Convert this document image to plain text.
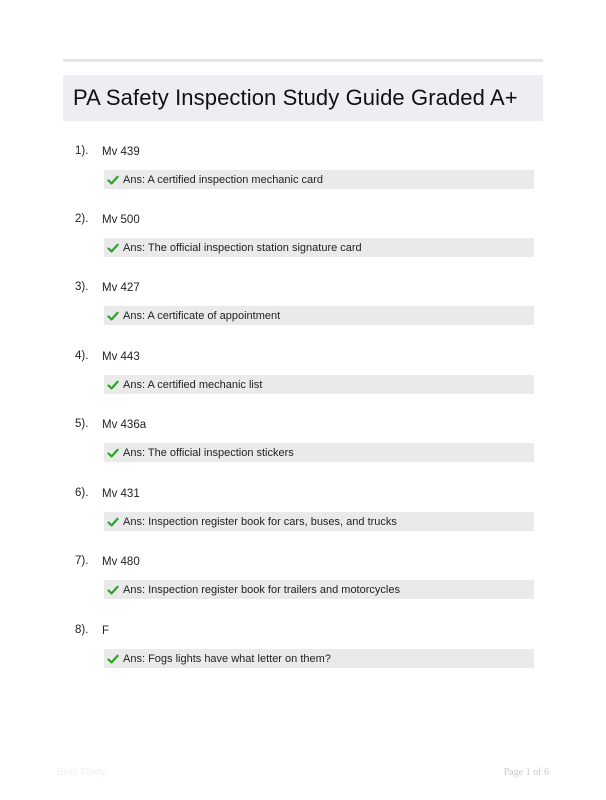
PA Safety Inspection Study Guide Graded A+
1). Mv 439
Ans: A certified inspection mechanic card
2). Mv 500
Ans: The official inspection station signature card
3). Mv 427
Ans: A certificate of appointment
4). Mv 443
Ans: A certified mechanic list
5). Mv 436a
Ans: The official inspection stickers
6). Mv 431
Ans: Inspection register book for cars, buses, and trucks
7). Mv 480
Ans: Inspection register book for trailers and motorcycles
8). F
Ans: Fogs lights have what letter on them?
Best Study	Page 1 of 6
